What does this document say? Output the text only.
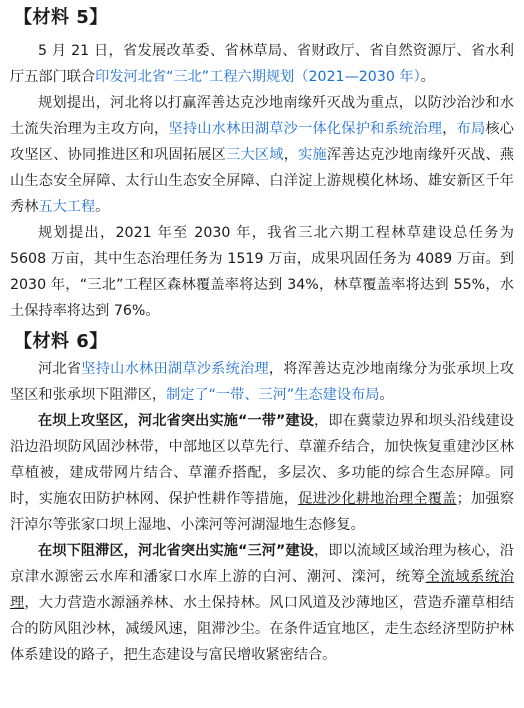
【材料 5】

5 月 21 日，省发展改革委、省林草局、省财政厅、省自然资源厅、省水利厅五部门联合印发河北省“三北”工程六期规划（2021—2030 年）。

规划提出，河北将以打赢浑善达克沙地南缘歼灭战为重点，以防沙治沙和水土流失治理为主攻方向，坚持山水林田湖草沙一体化保护和系统治理，布局核心攻坚区、协同推进区和巩固拓展区三大区域，实施浑善达克沙地南缘歼灭战、燕山生态安全屏障、太行山生态安全屏障、白洋淀上游规模化林场、雄安新区千年秀林五大工程。

规划提出，2021 年至 2030 年，我省三北六期工程林草建设总任务为 5608 万亩，其中生态治理任务为 1519 万亩，成果巩固任务为 4089 万亩。到 2030 年，“三北”工程区森林覆盖率将达到 34%，林草覆盖率将达到 55%，水土保持率将达到 76%。

【材料 6】

河北省坚持山水林田湖草沙系统治理，将浑善达克沙地南缘分为张承坝上攻坚区和张承坝下阻滞区，制定了“一带、三河”生态建设布局。

在坝上攻坚区，河北省突出实施“一带”建设，即在冀蒙边界和坝头沿线建设沿边沿坝防风固沙林带，中部地区以草先行、草灌乔结合，加快恢复重建沙区林草植被，建成带网片结合、草灌乔搭配，多层次、多功能的综合生态屏障。同时，实施农田防护林网、保护性耕作等措施，促进沙化耕地治理全覆盖；加强察汗淖尔等张家口坝上湿地、小滦河等河湖湿地生态修复。

在坝下阻滞区，河北省突出实施“三河”建设，即以流域区域治理为核心，沿京津水源密云水库和潘家口水库上游的白河、潮河、滦河，统筹全流域系统治理，大力营造水源涵养林、水土保持林。风口风道及沙薄地区，营造乔灌草相结合的防风阻沙林，减缓风速，阻滞沙尘。在条件适宜地区，走生态经济型防护林体系建设的路子，把生态建设与富民增收紧密结合。
